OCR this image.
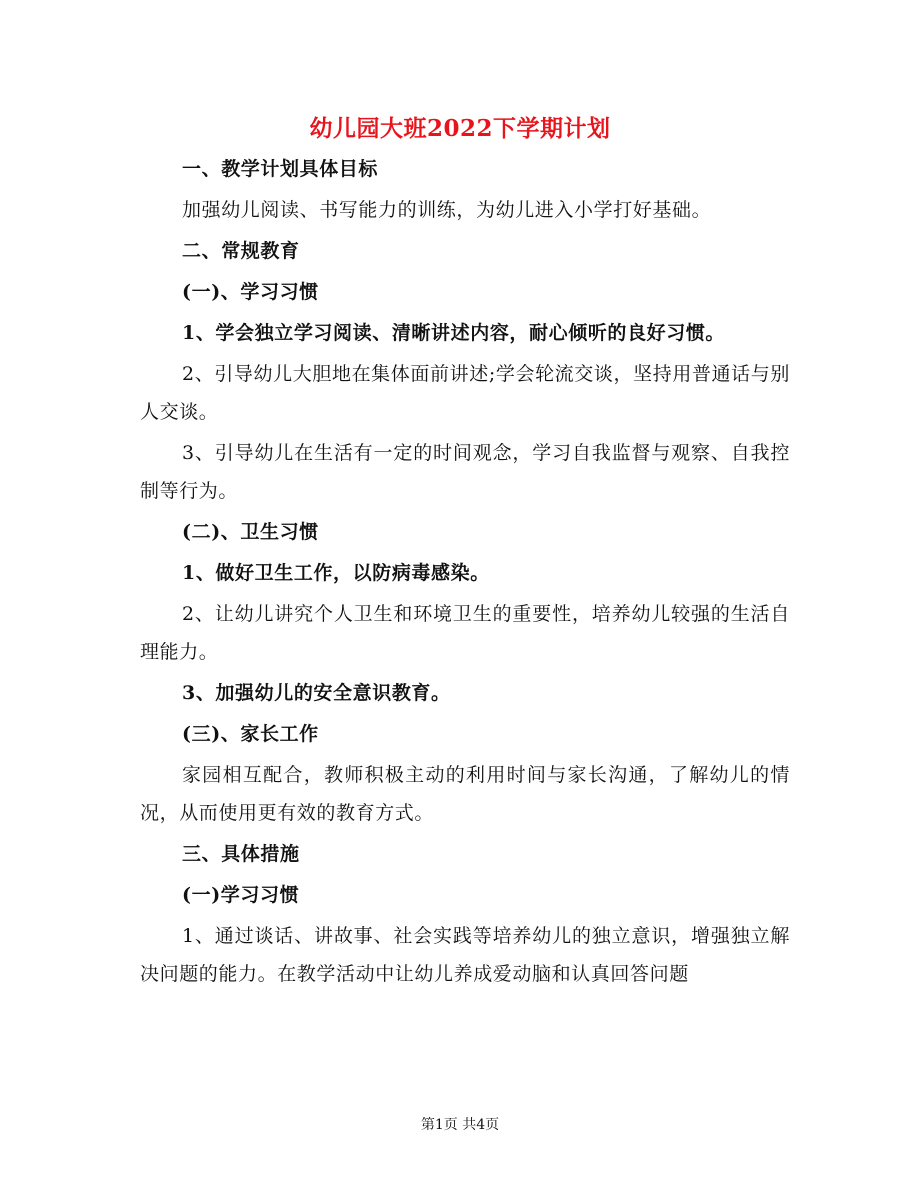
幼儿园大班2022下学期计划

一、教学计划具体目标

加强幼儿阅读、书写能力的训练，为幼儿进入小学打好基础。

二、常规教育

(一)、学习习惯

1、学会独立学习阅读、清晰讲述内容，耐心倾听的良好习惯。

2、引导幼儿大胆地在集体面前讲述;学会轮流交谈，坚持用普通话与别人交谈。

3、引导幼儿在生活有一定的时间观念，学习自我监督与观察、自我控制等行为。

(二)、卫生习惯

1、做好卫生工作，以防病毒感染。

2、让幼儿讲究个人卫生和环境卫生的重要性，培养幼儿较强的生活自理能力。

3、加强幼儿的安全意识教育。

(三)、家长工作

家园相互配合，教师积极主动的利用时间与家长沟通，了解幼儿的情况，从而使用更有效的教育方式。

三、具体措施

(一)学习习惯

1、通过谈话、讲故事、社会实践等培养幼儿的独立意识，增强独立解决问题的能力。在教学活动中让幼儿养成爱动脑和认真回答问题

第1页 共4页
